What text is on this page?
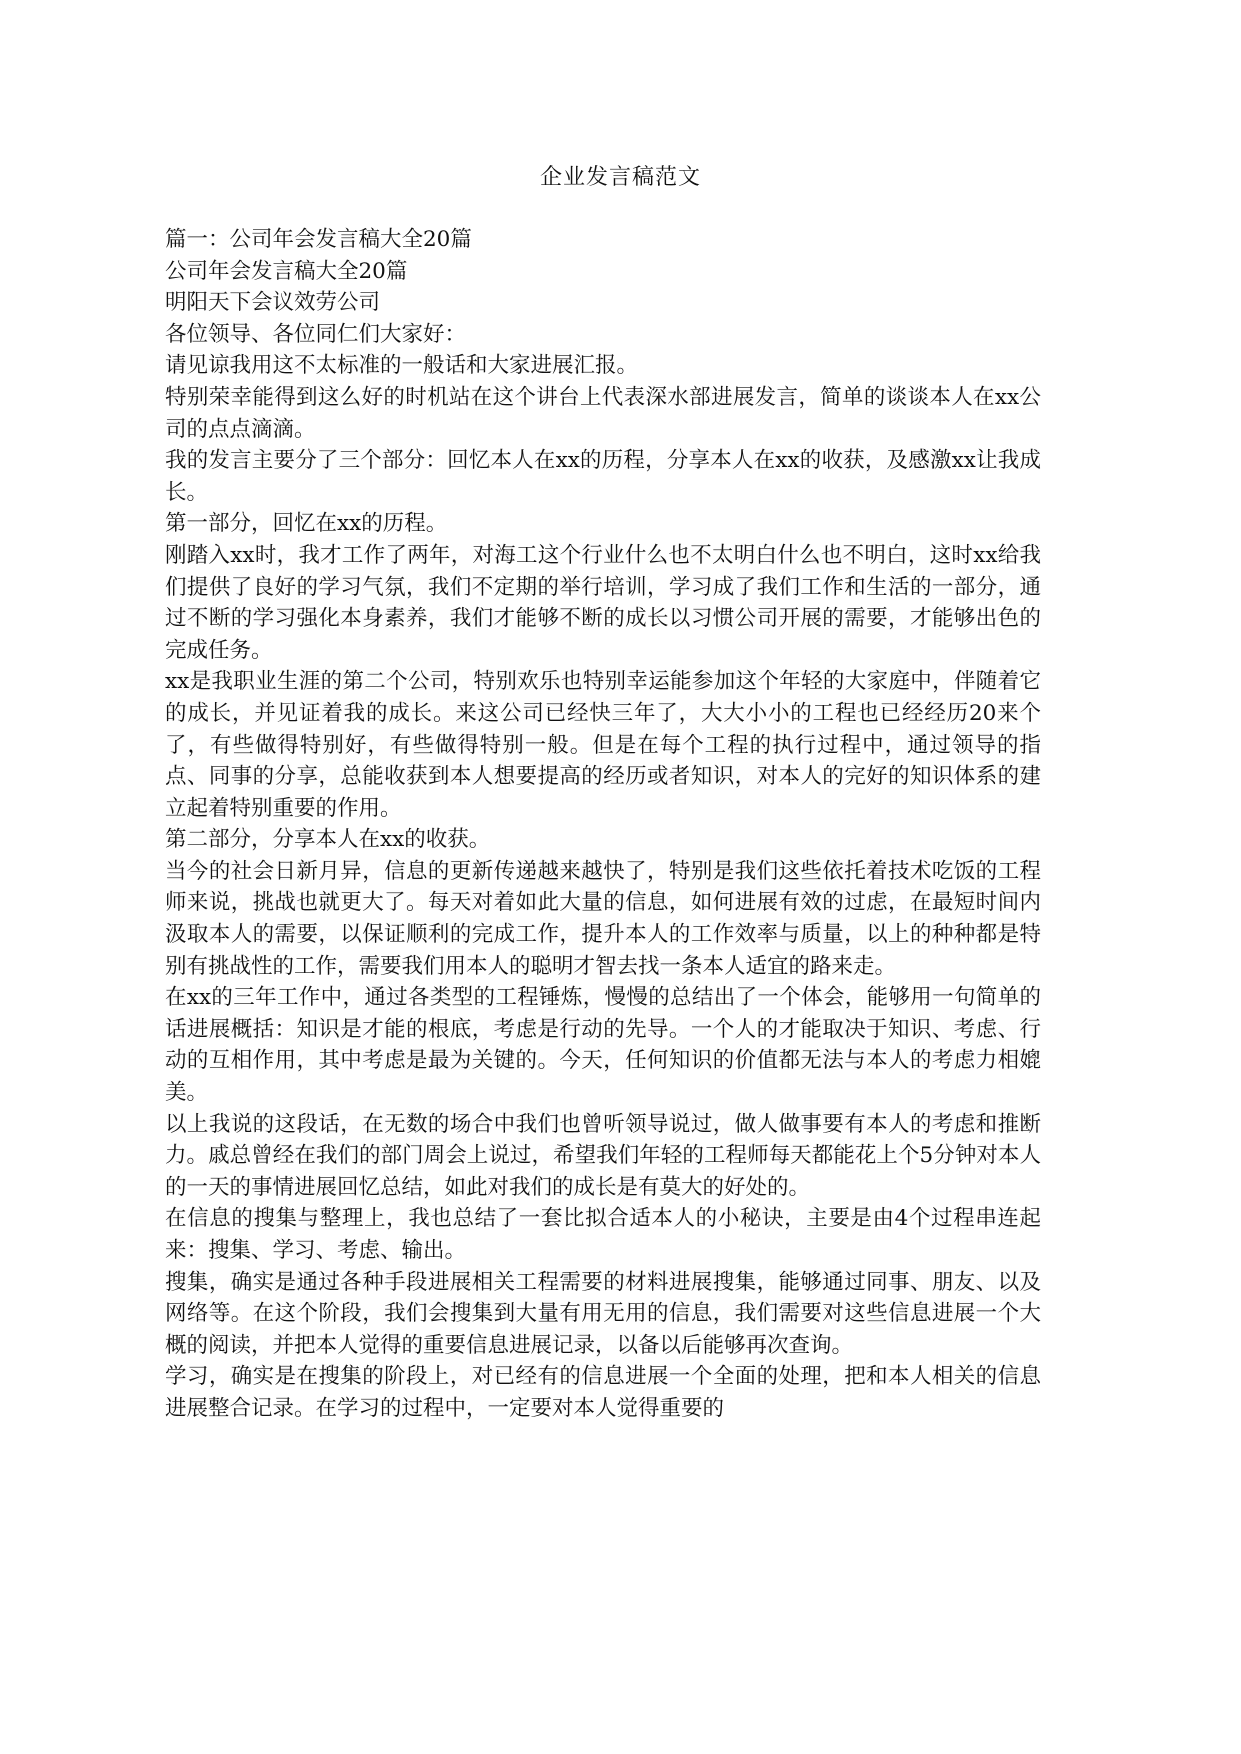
企业发言稿范文

篇一：公司年会发言稿大全20篇

公司年会发言稿大全20篇

明阳天下会议效劳公司

各位领导、各位同仁们大家好：

请见谅我用这不太标准的一般话和大家进展汇报。

特别荣幸能得到这么好的时机站在这个讲台上代表深水部进展发言，简单的谈谈本人在xx公司的点点滴滴。

我的发言主要分了三个部分：回忆本人在xx的历程，分享本人在xx的收获，及感激xx让我成长。

第一部分，回忆在xx的历程。

刚踏入xx时，我才工作了两年，对海工这个行业什么也不太明白什么也不明白，这时xx给我们提供了良好的学习气氛，我们不定期的举行培训，学习成了我们工作和生活的一部分，通过不断的学习强化本身素养，我们才能够不断的成长以习惯公司开展的需要，才能够出色的完成任务。

xx是我职业生涯的第二个公司，特别欢乐也特别幸运能参加这个年轻的大家庭中，伴随着它的成长，并见证着我的成长。来这公司已经快三年了，大大小小的工程也已经经历20来个了，有些做得特别好，有些做得特别一般。但是在每个工程的执行过程中，通过领导的指点、同事的分享，总能收获到本人想要提高的经历或者知识，对本人的完好的知识体系的建立起着特别重要的作用。

第二部分，分享本人在xx的收获。

当今的社会日新月异，信息的更新传递越来越快了，特别是我们这些依托着技术吃饭的工程师来说，挑战也就更大了。每天对着如此大量的信息，如何进展有效的过虑，在最短时间内汲取本人的需要，以保证顺利的完成工作，提升本人的工作效率与质量，以上的种种都是特别有挑战性的工作，需要我们用本人的聪明才智去找一条本人适宜的路来走。

在xx的三年工作中，通过各类型的工程锤炼，慢慢的总结出了一个体会，能够用一句简单的话进展概括：知识是才能的根底，考虑是行动的先导。一个人的才能取决于知识、考虑、行动的互相作用，其中考虑是最为关键的。今天，任何知识的价值都无法与本人的考虑力相媲美。

以上我说的这段话，在无数的场合中我们也曾听领导说过，做人做事要有本人的考虑和推断力。戚总曾经在我们的部门周会上说过，希望我们年轻的工程师每天都能花上个5分钟对本人的一天的事情进展回忆总结，如此对我们的成长是有莫大的好处的。

在信息的搜集与整理上，我也总结了一套比拟合适本人的小秘诀，主要是由4个过程串连起来：搜集、学习、考虑、输出。

搜集，确实是通过各种手段进展相关工程需要的材料进展搜集，能够通过同事、朋友、以及网络等。在这个阶段，我们会搜集到大量有用无用的信息，我们需要对这些信息进展一个大概的阅读，并把本人觉得的重要信息进展记录，以备以后能够再次查询。

学习，确实是在搜集的阶段上，对已经有的信息进展一个全面的处理，把和本人相关的信息进展整合记录。在学习的过程中，一定要对本人觉得重要的
